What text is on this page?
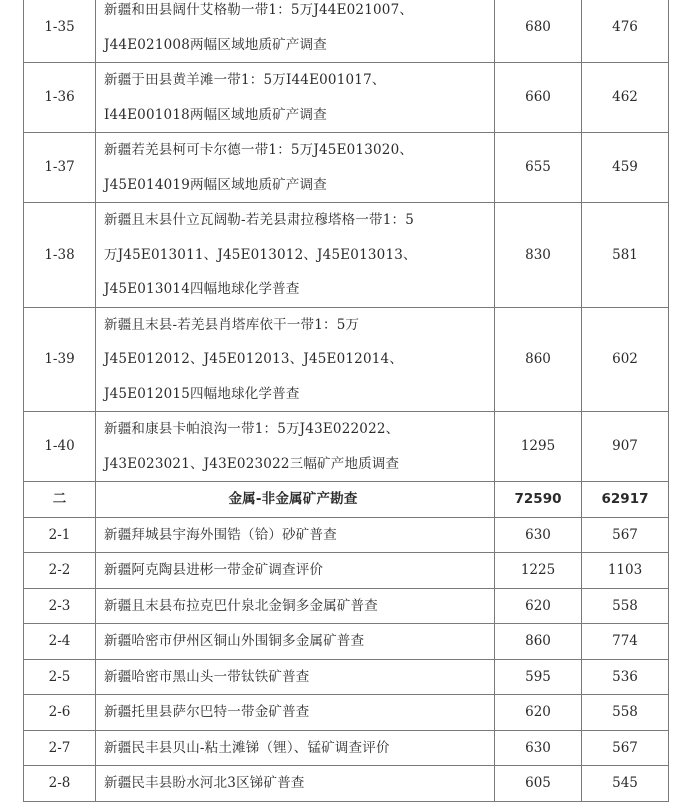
1-35	新疆和田县阔什艾格勒一带1：5万J44E021007、
J44E021008两幅区域地质矿产调查	680	476
1-36	新疆于田县黄羊滩一带1：5万I44E001017、
I44E001018两幅区域地质矿产调查	660	462
1-37	新疆若羌县柯可卡尔德一带1：5万J45E013020、
J45E014019两幅区域地质矿产调查	655	459
1-38	新疆且末县什立瓦阔勒-若羌县肃拉穆塔格一带1：5
万J45E013011、J45E013012、J45E013013、
J45E013014四幅地球化学普查	830	581
1-39	新疆且末县-若羌县肖塔库依干一带1：5万
J45E012012、J45E012013、J45E012014、
J45E012015四幅地球化学普查	860	602
1-40	新疆和康县卡帕浪沟一带1：5万J43E022022、
J43E023021、J43E023022三幅矿产地质调查	1295	907
二	金属-非金属矿产勘查	72590	62917
2-1	新疆拜城县宇海外围锆（铪）砂矿普查	630	567
2-2	新疆阿克陶县进彬一带金矿调查评价	1225	1103
2-3	新疆且末县布拉克巴什泉北金铜多金属矿普查	620	558
2-4	新疆哈密市伊州区铜山外围铜多金属矿普查	860	774
2-5	新疆哈密市黑山头一带钛铁矿普查	595	536
2-6	新疆托里县萨尔巴特一带金矿普查	620	558
2-7	新疆民丰县贝山-粘土滩锑（锂）、锰矿调查评价	630	567
2-8	新疆民丰县盼水河北3区锑矿普查	605	545
